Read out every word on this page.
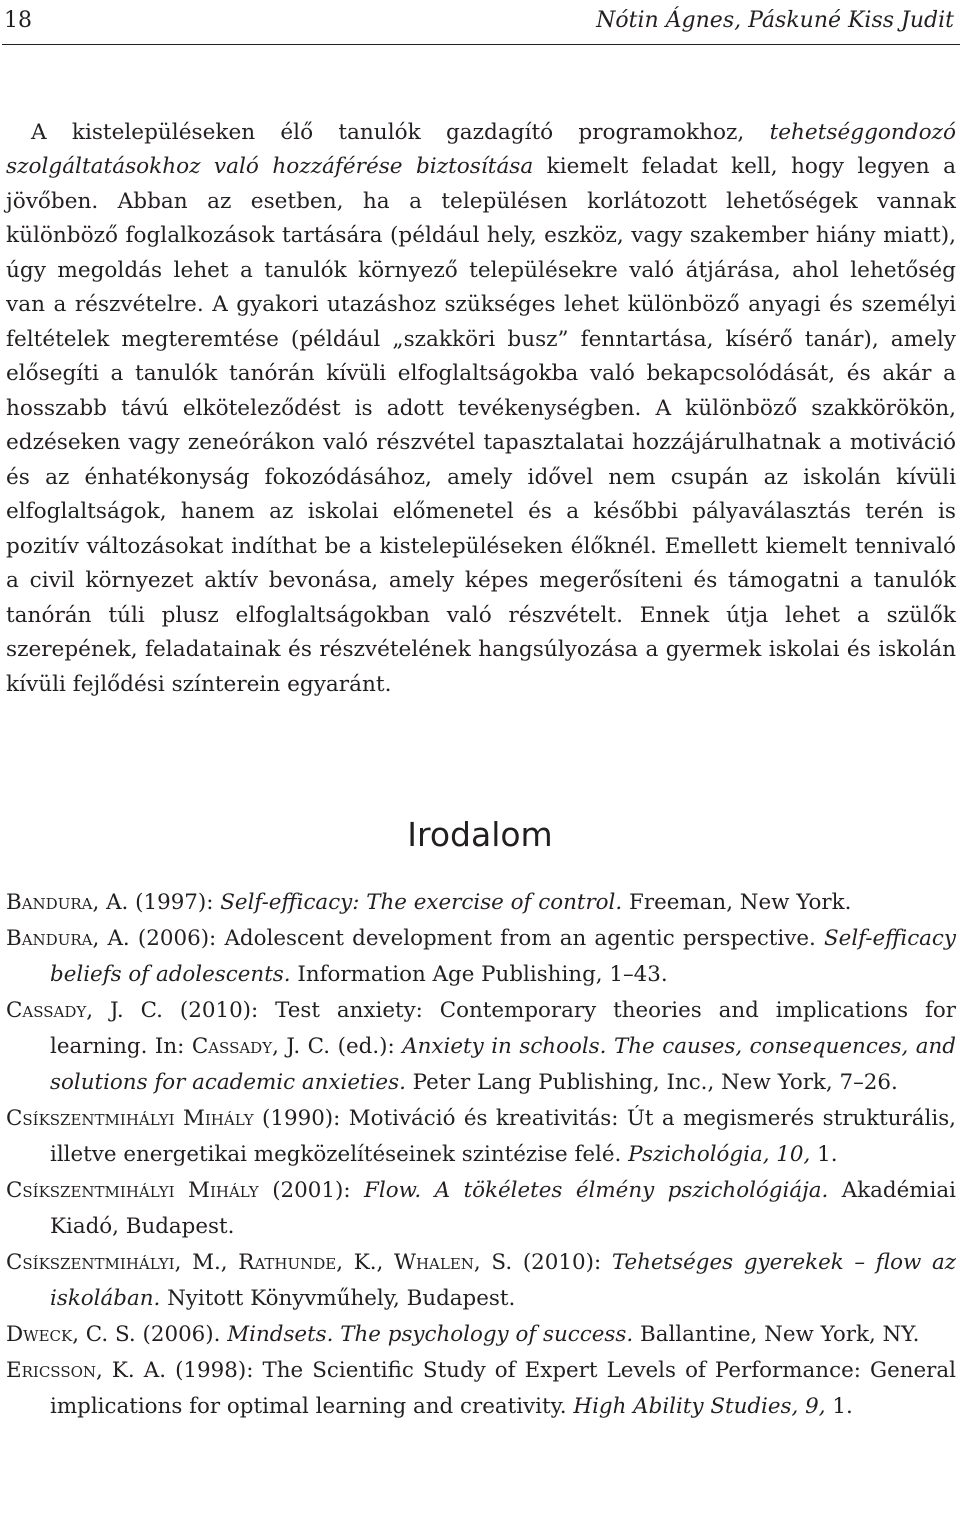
18	Nótin Ágnes, Páskuné Kiss Judit

A kistelepüléseken élő tanulók gazdagító programokhoz, tehetséggondozó szolgáltatásokhoz való hozzáférése biztosítása kiemelt feladat kell, hogy legyen a jövőben. Abban az esetben, ha a településen korlátozott lehetőségek vannak különböző foglalkozások tartására (például hely, eszköz, vagy szakember hiány miatt), úgy megoldás lehet a tanulók környező településekre való átjárása, ahol lehetőség van a részvételre. A gyakori utazáshoz szükséges lehet különböző anyagi és személyi feltételek megteremtése (például „szakköri busz” fenntartása, kísérő tanár), amely elősegíti a tanulók tanórán kívüli elfoglaltságokba való bekapcsolódását, és akár a hosszabb távú elköteleződést is adott tevékenységben. A különböző szakkörökön, edzéseken vagy zeneórákon való részvétel tapasztalatai hozzájárulhatnak a motiváció és az énhatékonyság fokozódásához, amely idővel nem csupán az iskolán kívüli elfoglaltságok, hanem az iskolai előmenetel és a későbbi pályaválasztás terén is pozitív változásokat indíthat be a kistelepüléseken élőknél. Emellett kiemelt tennivaló a civil környezet aktív bevonása, amely képes megerősíteni és támogatni a tanulók tanórán túli plusz elfoglaltságokban való részvételt. Ennek útja lehet a szülők szerepének, feladatainak és részvételének hangsúlyozása a gyermek iskolai és iskolán kívüli fejlődési színterein egyaránt.

Irodalom

Bandura, A. (1997): Self-efficacy: The exercise of control. Freeman, New York.

Bandura, A. (2006): Adolescent development from an agentic perspective. Self-efficacy beliefs of adolescents. Information Age Publishing, 1–43.

Cassady, J. C. (2010): Test anxiety: Contemporary theories and implications for learning. In: Cassady, J. C. (ed.): Anxiety in schools. The causes, consequences, and solutions for academic anxieties. Peter Lang Publishing, Inc., New York, 7–26.

Csíkszentmihályi Mihály (1990): Motiváció és kreativitás: Út a megismerés strukturális, illetve energetikai megközelítéseinek szintézise felé. Pszichológia, 10, 1.

Csíkszentmihályi Mihály (2001): Flow. A tökéletes élmény pszichológiája. Akadémiai Kiadó, Budapest.

Csíkszentmihályi, M., Rathunde, K., Whalen, S. (2010): Tehetséges gyerekek – flow az iskolában. Nyitott Könyvműhely, Budapest.

Dweck, C. S. (2006). Mindsets. The psychology of success. Ballantine, New York, NY.

Ericsson, K. A. (1998): The Scientific Study of Expert Levels of Performance: General implications for optimal learning and creativity. High Ability Studies, 9, 1.
